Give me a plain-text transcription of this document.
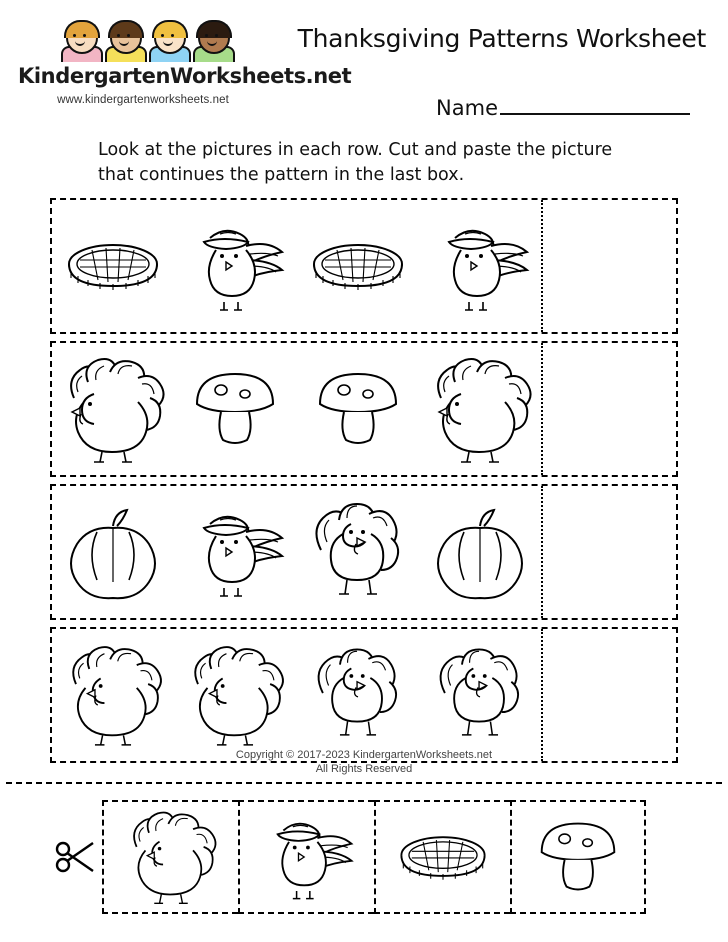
KindergartenWorksheets.net
www.kindergartenworksheets.net
Thanksgiving Patterns Worksheet
Name
Look at the pictures in each row. Cut and paste the picture
that continues the pattern in the last box.
Copyright © 2017-2023 KindergartenWorksheets.net
All Rights Reserved
